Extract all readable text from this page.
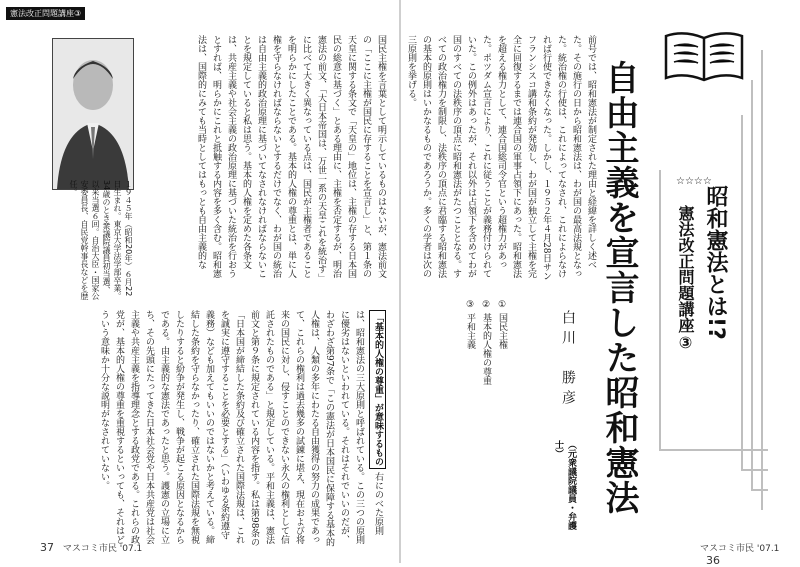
憲法改正問題講座③
１９４５年（昭和20年）６月22日生まれ。東京大学法学部卒業。34歳のとき衆議院議員初当選、以来当選６回。自治大臣・国家公安委員長、自民党幹事長などを歴任。	国民主権を言葉として明示しているものはないが、憲法前文の「ここに主権が国民に存することを宣言し」と、第１条の天皇に関する条文で「天皇の」地位は、主権の存する日本国民の総意に基づく」とある理由に、主権を否定するが、明治憲法の前文、「大日本帝国は、万世一系の天皇これを統治す」に比べて大きく異なっている点は、国民が主権者であることを明らかにしたことである。基本的人権の尊重とは、単に人権を守らなければならないとするだけでなく、わが国の統治は自由主義的政治原理に基づいてなされなければならないことを規定していると私は思う。基本的人権を定めた各条文は、共産主義や社会主義の政治原理に基づいた統治を行おうとすれば、明らかにこれと抵触する内容を多く含む。昭和憲法は、国際的にみても当時としてはもっとも自由主義的な
「基本的人権の尊重」が意味するもの 右にのべた原則は、昭和憲法の三大原則と呼ばれている。この三つの原則に優劣はないといわれている。それはそれでいいのだが、わざわざ第97条で「この憲法が日本国民に保障する基本的人権は、人類の多年にわたる自由獲得の努力の成果であって、これらの権利は過去幾多の試錬に堪え、現在および将来の国民に対し、侵すことのできない永久の権利として信託されたものである」と規定している。平和主義は、憲法前文と第９条に規定されている内容を指す。私は第98条の「日本国が締結した条約及び確立された国際法規は、これを誠実に遵守することを必要とする」（いわゆる条約遵守義務）なども加えてもいいのではないかと考えている。締結した条約を守らなかったり、確立された国際法規を無視したりすると紛争が発生し、戦争が起こる原因となるからである。由主義的な憲法であったと思う。護憲の立場に立ち、その先頭にたってきた日本社会党や日本共産党は社会主義や共産主義を指導理念とする政党である。これらの政党が、基本的人権の尊重を重視するといっても、それはどういう意味か十分な説明がなされていない。
37 マスコミ市民 '07.1
前号では、昭和憲法が制定された理由と経緯を詳しく述べた。その施行の日から昭和憲法は、わが国の最高法規となった。統治権の行使は、これによってなされ、これによらなければ行使できなくなった。しかし、１９５２年４月28日サンフランシスコ講和条約が発効し、わが国が独立して主権を完全に回復するまでは連合国の軍事占領下にあった。昭和憲法を超える権力として、連合国総司令官という超権力があった。ポツダム宣言により、これに従うことが義務付けられていた。この例外はあったが、それ以外は占領下を含めてわが国のすべての法秩序の頂点に昭和憲法がたつこととなる。すべての政治権力を制限し、法秩序の頂点に君臨する昭和憲法の基本的原則はいかなるものであろうか。多くの学者は次の三原則を挙げる。	自由主義を宣言した昭和憲法	昭和憲法とは!?
憲法改正問題講座③
☆☆☆☆
① 国民主権
② 基本的人権の尊重
③ 平和主義	白川　勝彦
（元衆議院議員・弁護士）
マスコミ市民 '07.1 36
